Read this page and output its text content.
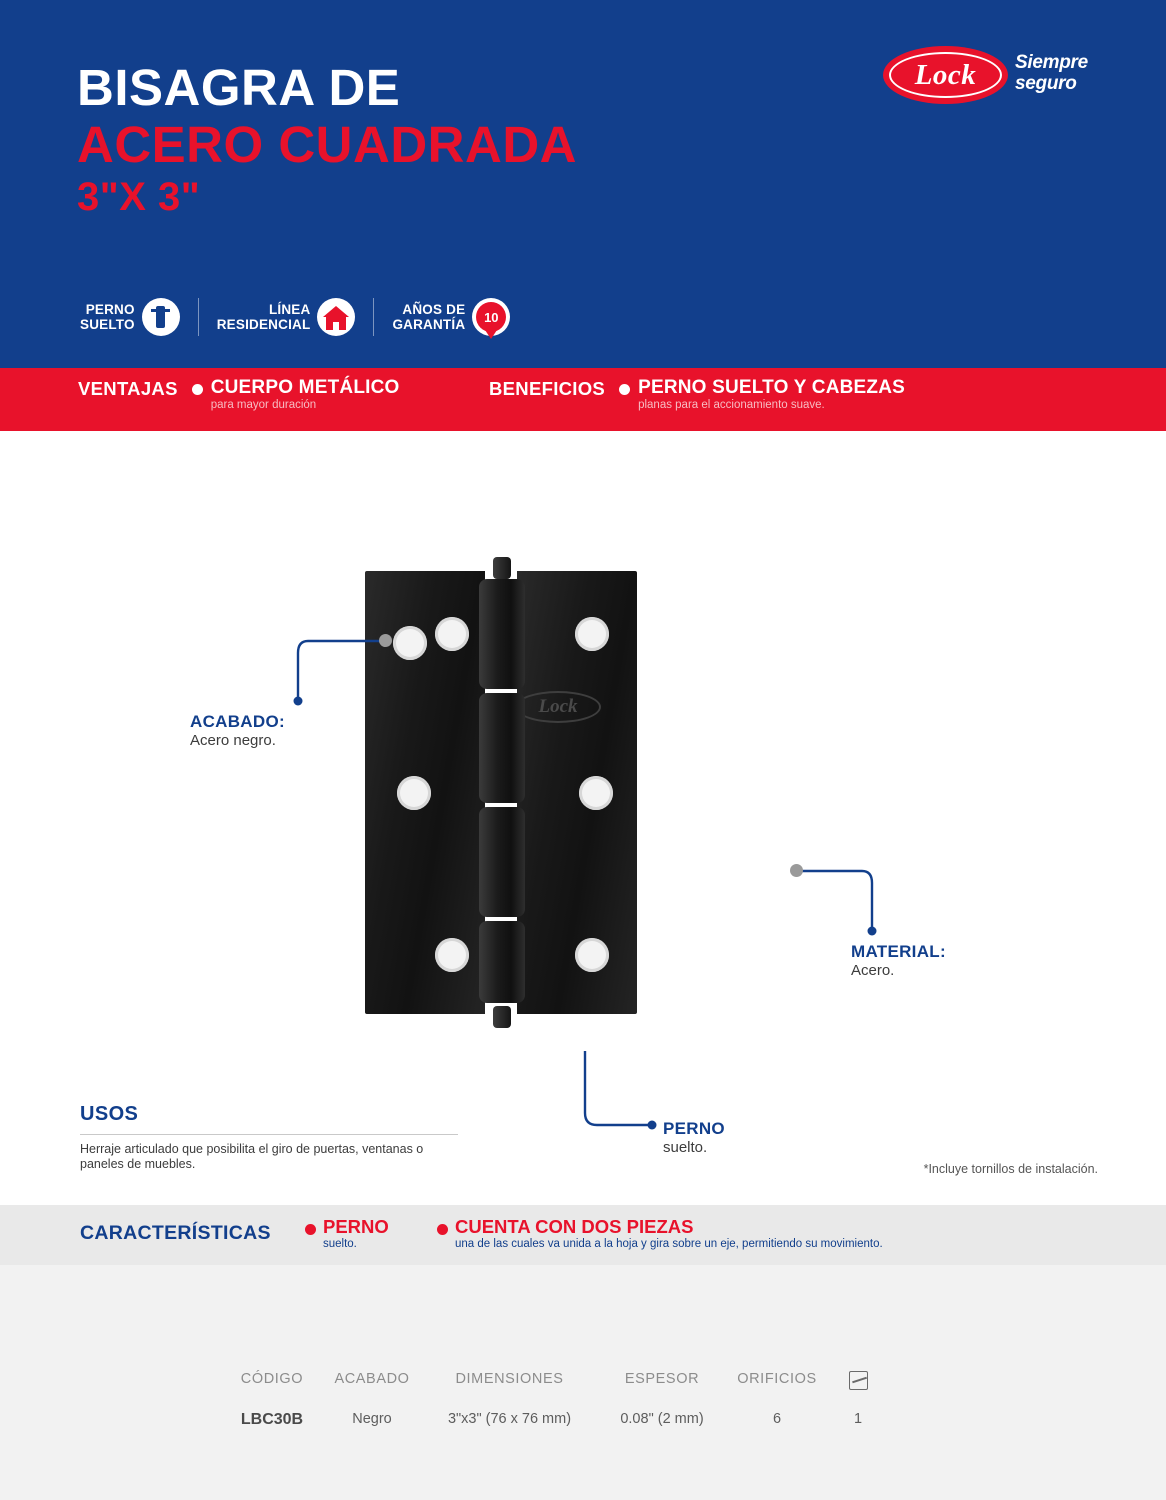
BISAGRA DE
ACERO CUADRADA
3"X 3"
Lock Siempre
seguro
PERNO
SUELTO
LÍNEA
RESIDENCIAL
AÑOS DE
GARANTÍA	10
VENTAJAS CUERPO METÁLICO
para mayor duración
BENEFICIOS PERNO SUELTO Y CABEZAS
planas para el accionamiento suave.
Lock
ACABADO:
Acero negro.
MATERIAL:
Acero.
PERNO
suelto.
USOS
Herraje articulado que posibilita el giro de puertas, ventanas o paneles de muebles.	*Incluye tornillos de instalación.
CARACTERÍSTICAS	PERNO
suelto.
CUENTA CON DOS PIEZAS
una de las cuales va unida a la hoja y gira sobre un eje, permitiendo su movimiento.
CÓDIGO	ACABADO	DIMENSIONES	ESPESOR	ORIFICIOS
LBC30B	Negro	3"x3" (76 x 76 mm)	0.08" (2 mm)	6	1
